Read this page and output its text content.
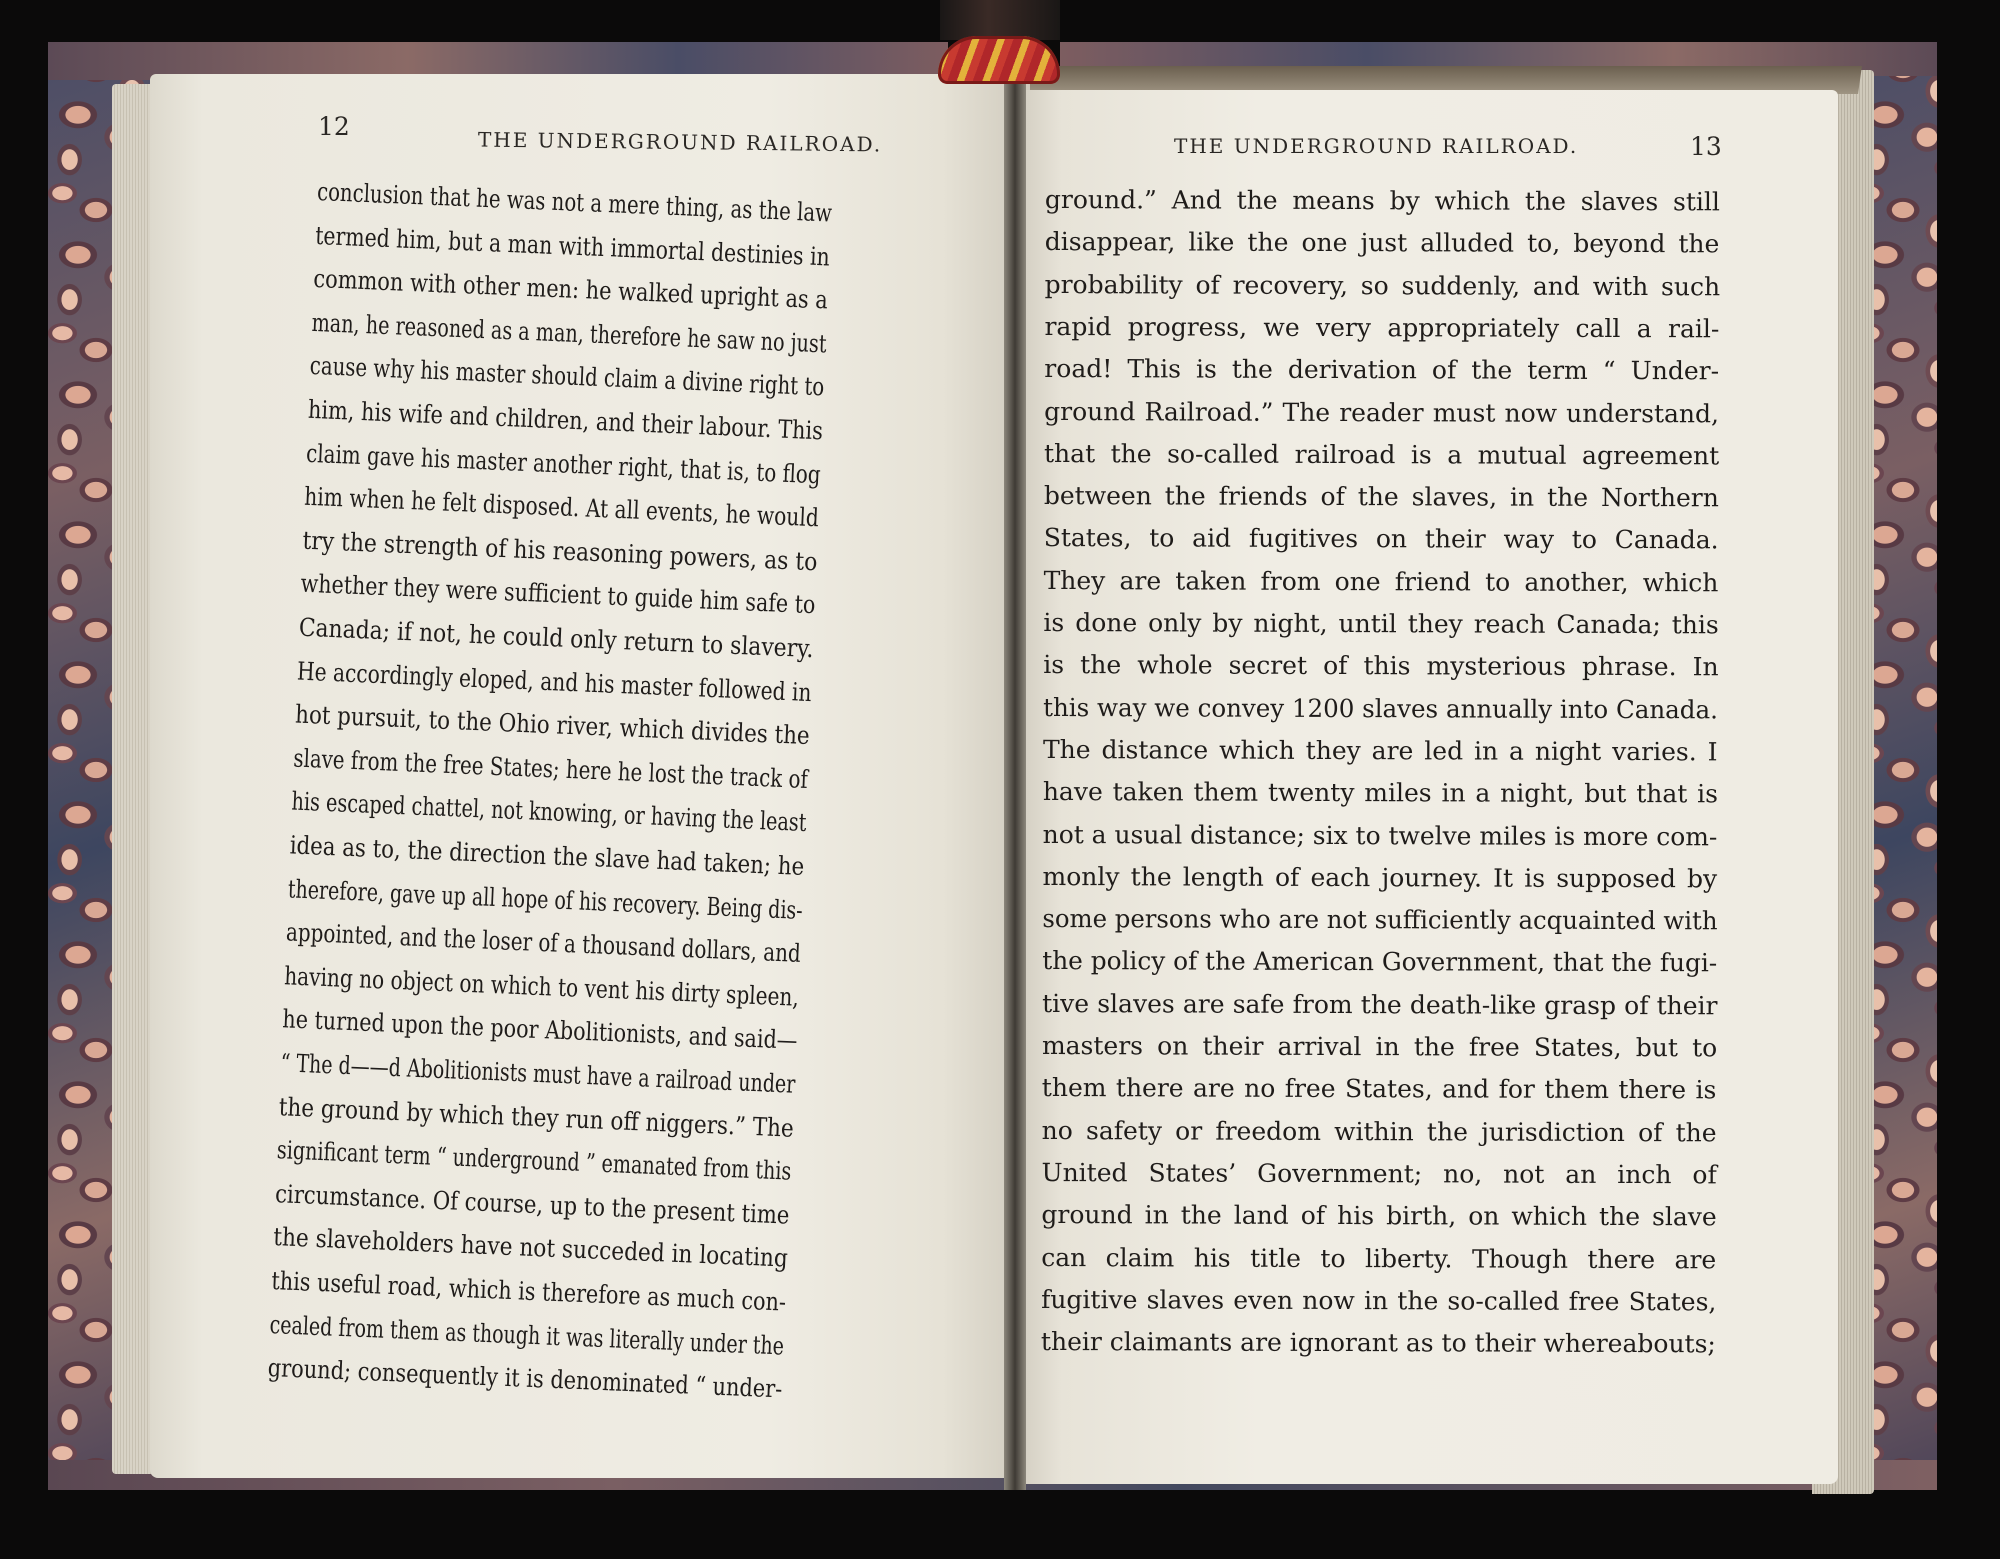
12
THE UNDERGROUND RAILROAD.	THE UNDERGROUND RAILROAD.	13
conclusion that he was not a mere thing, as the law
termed him, but a man with immortal destinies in
common with other men: he walked upright as a
man, he reasoned as a man, therefore he saw no just
cause why his master should claim a divine right to
him, his wife and children, and their labour. This
claim gave his master another right, that is, to flog
him when he felt disposed. At all events, he would
try the strength of his reasoning powers, as to
whether they were sufficient to guide him safe to
Canada; if not, he could only return to slavery.
He accordingly eloped, and his master followed in
hot pursuit, to the Ohio river, which divides the
slave from the free States; here he lost the track of
his escaped chattel, not knowing, or having the least
idea as to, the direction the slave had taken; he
therefore, gave up all hope of his recovery. Being dis-
appointed, and the loser of a thousand dollars, and
having no object on which to vent his dirty spleen,
he turned upon the poor Abolitionists, and said—
“ The d——d Abolitionists must have a railroad under
the ground by which they run off niggers.” The
significant term “ underground ” emanated from this
circumstance. Of course, up to the present time
the slaveholders have not succeded in locating
this useful road, which is therefore as much con-
cealed from them as though it was literally under the
ground; consequently it is denominated “ under-
ground.” And the means by which the slaves still
disappear, like the one just alluded to, beyond the
probability of recovery, so suddenly, and with such
rapid progress, we very appropriately call a rail-
road! This is the derivation of the term “ Under-
ground Railroad.” The reader must now understand,
that the so-called railroad is a mutual agreement
between the friends of the slaves, in the Northern
States, to aid fugitives on their way to Canada.
They are taken from one friend to another, which
is done only by night, until they reach Canada; this
is the whole secret of this mysterious phrase. In
this way we convey 1200 slaves annually into Canada.
The distance which they are led in a night varies. I
have taken them twenty miles in a night, but that is
not a usual distance; six to twelve miles is more com-
monly the length of each journey. It is supposed by
some persons who are not sufficiently acquainted with
the policy of the American Government, that the fugi-
tive slaves are safe from the death-like grasp of their
masters on their arrival in the free States, but to
them there are no free States, and for them there is
no safety or freedom within the jurisdiction of the
United States’ Government; no, not an inch of
ground in the land of his birth, on which the slave
can claim his title to liberty. Though there are
fugitive slaves even now in the so-called free States,
their claimants are ignorant as to their whereabouts;
